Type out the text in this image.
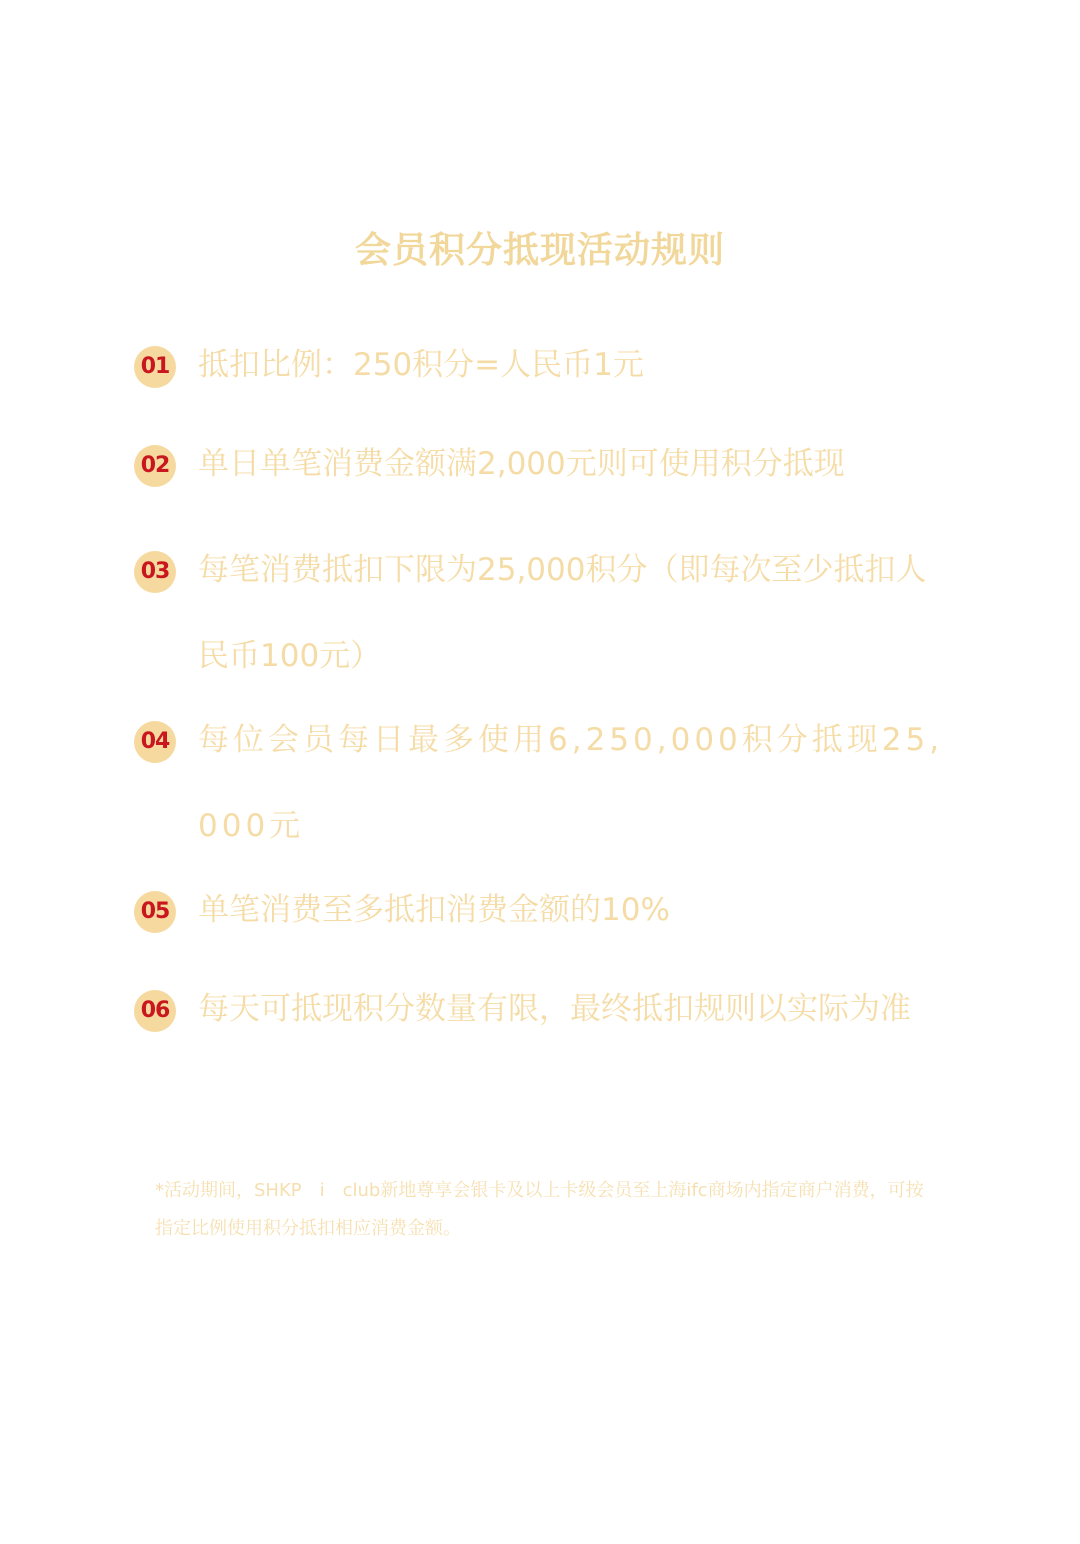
会员积分抵现活动规则
01 抵扣比例：250积分=人民币1元
02 单日单笔消费金额满2,000元则可使用积分抵现
03 每笔消费抵扣下限为25,000积分（即每次至少抵扣人民币100元）
04 每位会员每日最多使用6,250,000积分抵现25,000元
05 单笔消费至多抵扣消费金额的10%
06 每天可抵现积分数量有限，最终抵扣规则以实际为准
*活动期间，SHKP　i　club新地尊享会银卡及以上卡级会员至上海ifc商场内指定商户消费，可按指定比例使用积分抵扣相应消费金额。
